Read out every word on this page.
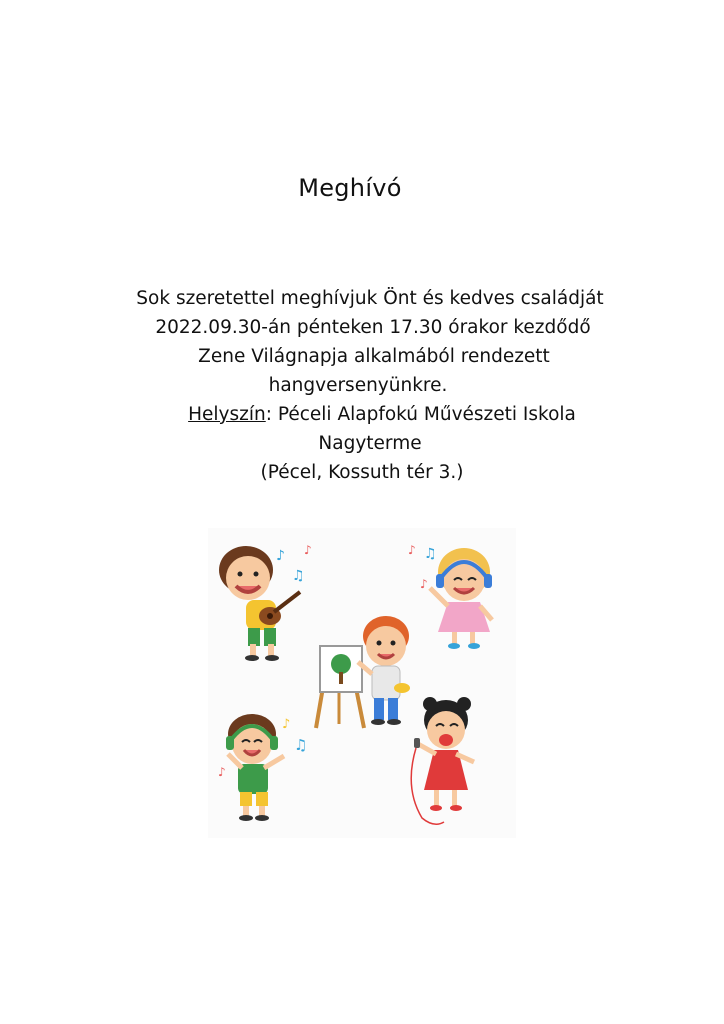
Meghívó
Sok szeretettel meghívjuk Önt és kedves családját
2022.09.30-án pénteken 17.30 órakor kezdődő
Zene Világnapja alkalmából rendezett
hangversenyünkre.
Helyszín: Péceli Alapfokú Művészeti Iskola
Nagyterme
(Pécel, Kossuth tér 3.)
♪ ♪
♫
♪ ♫
♪
♪
♫
♪
